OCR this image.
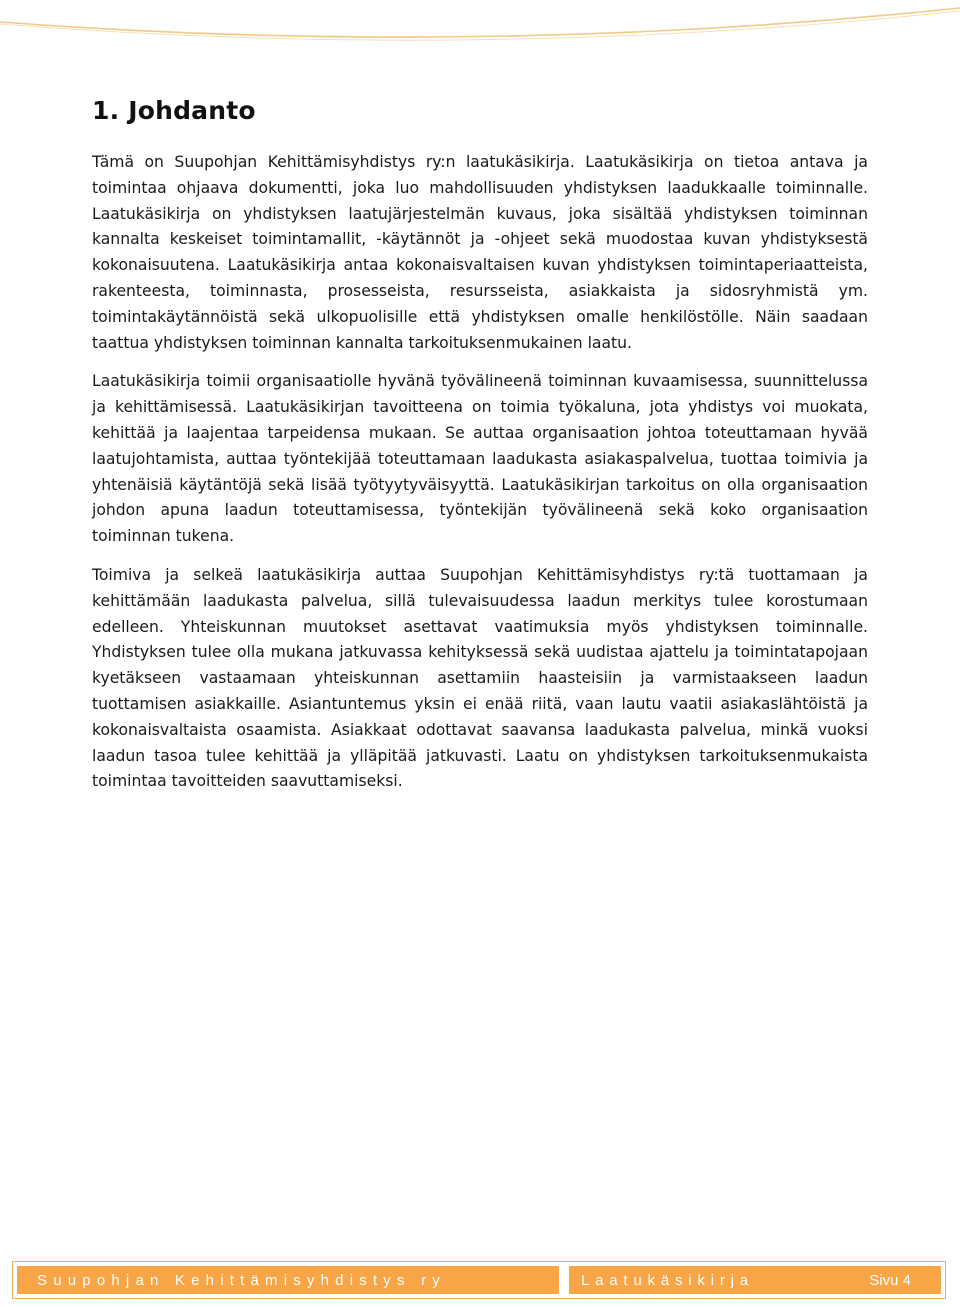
1. Johdanto

Tämä on Suupohjan Kehittämisyhdistys ry:n laatukäsikirja. Laatukäsikirja on tietoa antava ja toimintaa ohjaava dokumentti, joka luo mahdollisuuden yhdistyksen laadukkaalle toiminnalle. Laatukäsikirja on yhdistyksen laatujärjestelmän kuvaus, joka sisältää yhdistyksen toiminnan kannalta keskeiset toimintamallit, -käytännöt ja -ohjeet sekä muodostaa kuvan yhdistyksestä kokonaisuutena. Laatukäsikirja antaa kokonaisvaltaisen kuvan yhdistyksen toimintaperiaatteista, rakenteesta, toiminnasta, prosesseista, resursseista, asiakkaista ja sidosryhmistä ym. toimintakäytännöistä sekä ulkopuolisille että yhdistyksen omalle henkilöstölle. Näin saadaan taattua yhdistyksen toiminnan kannalta tarkoituksenmukainen laatu.

Laatukäsikirja toimii organisaatiolle hyvänä työvälineenä toiminnan kuvaamisessa, suunnittelussa ja kehittämisessä. Laatukäsikirjan tavoitteena on toimia työkaluna, jota yhdistys voi muokata, kehittää ja laajentaa tarpeidensa mukaan. Se auttaa organisaation johtoa toteuttamaan hyvää laatujohtamista, auttaa työntekijää toteuttamaan laadukasta asiakaspalvelua, tuottaa toimivia ja yhtenäisiä käytäntöjä sekä lisää työtyytyväisyyttä. Laatukäsikirjan tarkoitus on olla organisaation johdon apuna laadun toteuttamisessa, työntekijän työvälineenä sekä koko organisaation toiminnan tukena.

Toimiva ja selkeä laatukäsikirja auttaa Suupohjan Kehittämisyhdistys ry:tä tuottamaan ja kehittämään laadukasta palvelua, sillä tulevaisuudessa laadun merkitys tulee korostumaan edelleen. Yhteiskunnan muutokset asettavat vaatimuksia myös yhdistyksen toiminnalle. Yhdistyksen tulee olla mukana jatkuvassa kehityksessä sekä uudistaa ajattelu ja toimintatapojaan kyetäkseen vastaamaan yhteiskunnan asettamiin haasteisiin ja varmistaakseen laadun tuottamisen asiakkaille. Asiantuntemus yksin ei enää riitä, vaan lautu vaatii asiakaslähtöistä ja kokonaisvaltaista osaamista. Asiakkaat odottavat saavansa laadukasta palvelua, minkä vuoksi laadun tasoa tulee kehittää ja ylläpitää jatkuvasti. Laatu on yhdistyksen tarkoituksenmukaista toimintaa tavoitteiden saavuttamiseksi.

Suupohjan Kehittämisyhdistys ry	Laatukäsikirja	Sivu 4
